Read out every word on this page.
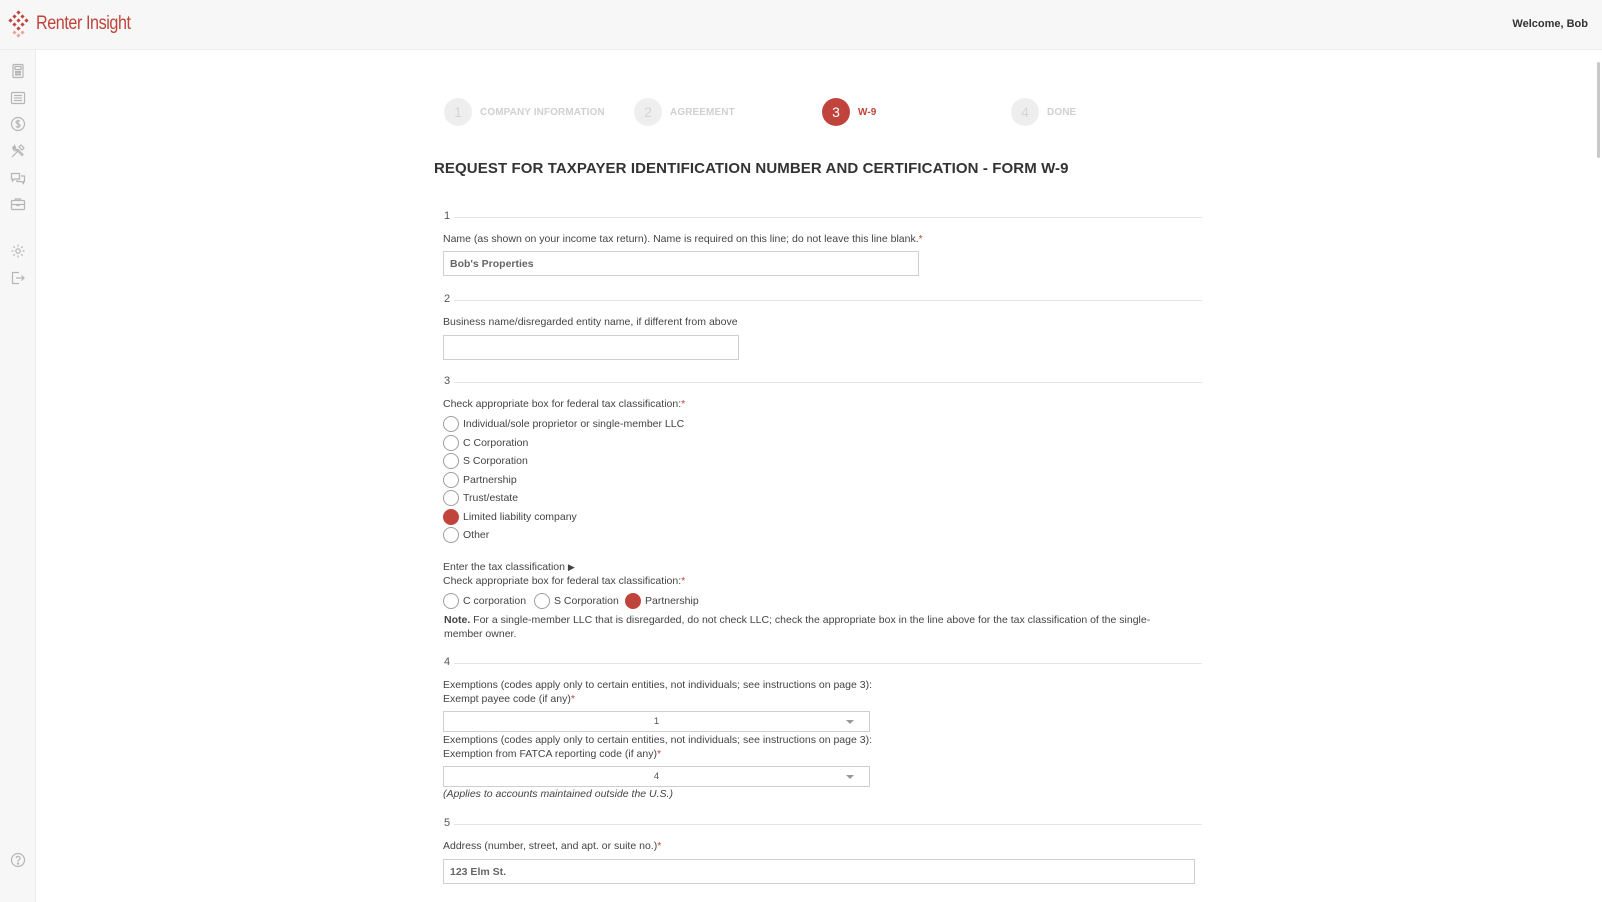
Renter Insight	Welcome, Bob
1	COMPANY INFORMATION	2	AGREEMENT	3	W-9	4	DONE
REQUEST FOR TAXPAYER IDENTIFICATION NUMBER AND CERTIFICATION - FORM W-9
1
Name (as shown on your income tax return). Name is required on this line; do not leave this line blank.*
Bob's Properties
2
Business name/disregarded entity name, if different from above
3
Check appropriate box for federal tax classification:*
Individual/sole proprietor or single-member LLC
C Corporation
S Corporation
Partnership
Trust/estate
Limited liability company
Other
Enter the tax classification ▶
Check appropriate box for federal tax classification:*
C corporation	S Corporation Partnership
Note. For a single-member LLC that is disregarded, do not check LLC; check the appropriate box in the line above for the tax classification of the single-member owner.
4
Exemptions (codes apply only to certain entities, not individuals; see instructions on page 3):
Exempt payee code (if any)*
1
Exemptions (codes apply only to certain entities, not individuals; see instructions on page 3):
Exemption from FATCA reporting code (if any)*
4
(Applies to accounts maintained outside the U.S.)
5
Address (number, street, and apt. or suite no.)*
123 Elm St.
